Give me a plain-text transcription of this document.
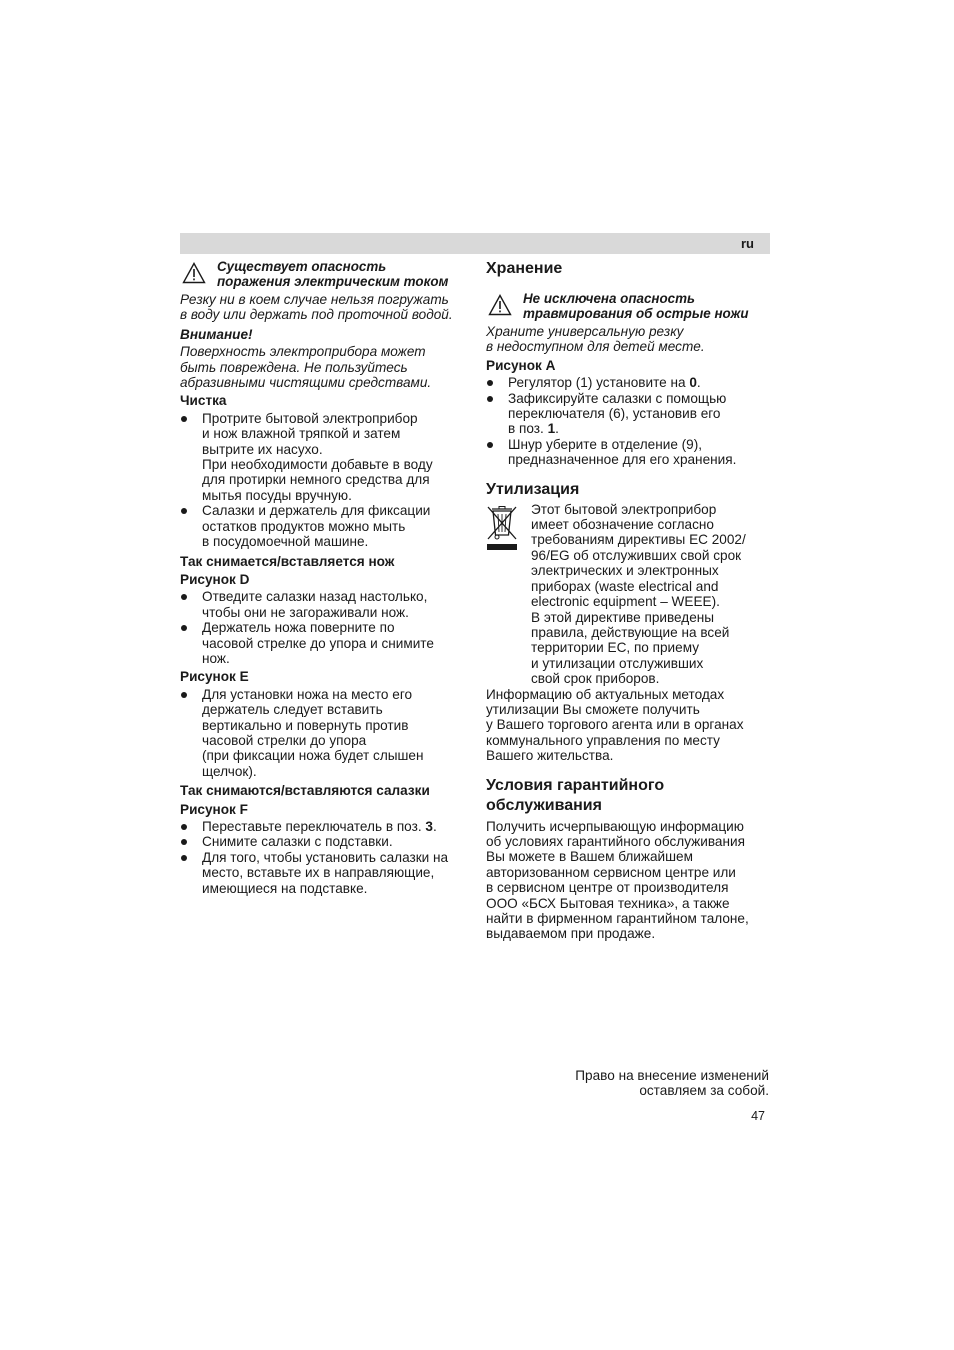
ru
Существует опасность
поражения электрическим током

Резку ни в коем случае нельзя погружать
в воду или держать под проточной водой.

Внимание!

Поверхность электроприбора может
быть повреждена. Не пользуйтесь
абразивными чистящими средствами.

Чистка
Протрите бытовой электроприбор
и нож влажной тряпкой и затем
вытрите их насухо.
При необходимости добавьте в воду
для протирки немного средства для
мытья посуды вручную.
Салазки и держатель для фиксации
остатков продуктов можно мыть
в посудомоечной машине.
Так снимается/вставляется нож
Рисунок D
Отведите салазки назад настолько,
чтобы они не загораживали нож.
Держатель ножа поверните по
часовой стрелке до упора и снимите
нож.
Рисунок E
Для установки ножа на место его
держатель следует вставить
вертикально и повернуть против
часовой стрелки до упора
(при фиксации ножа будет слышен
щелчок).
Так снимаются/вставляются салазки
Рисунок F
Переставьте переключатель в поз. 3.
Снимите салазки с подставки.
Для того, чтобы установить салазки на
место, вставьте их в направляющие,
имеющиеся на подставке.
Хранение
Не исключена опасность
травмирования об острые ножи

Храните универсальную резку
в недоступном для детей месте.

Рисунок A
Регулятор (1) установите на 0.
Зафиксируйте салазки с помощью
переключателя (6), установив его
в поз. 1.
Шнур уберите в отделение (9),
предназначенное для его хранения.
Утилизация
Этот бытовой электроприбор
имеет обозначение согласно
требованиям директивы ЕС 2002/
96/EG об отслуживших свой срок
электрических и электронных
приборах (waste electrical and
electronic equipment – WEEE).
В этой директиве приведены
правила, действующие на всей
территории ЕС, по приему
и утилизации отслуживших
свой срок приборов.

Информацию об актуальных методах
утилизации Вы сможете получить
у Вашего торгового агента или в органах
коммунального управления по месту
Вашего жительства.

Условия гарантийного
обслуживания

Получить исчерпывающую информацию
об условиях гарантийного обслуживания
Вы можете в Вашем ближайшем
авторизованном сервисном центре или
в сервисном центре от производителя
ООО «БСХ Бытовая техника», а также
найти в фирменном гарантийном талоне,
выдаваемом при продаже.

Право на внесение изменений
оставляем за собой.
47
